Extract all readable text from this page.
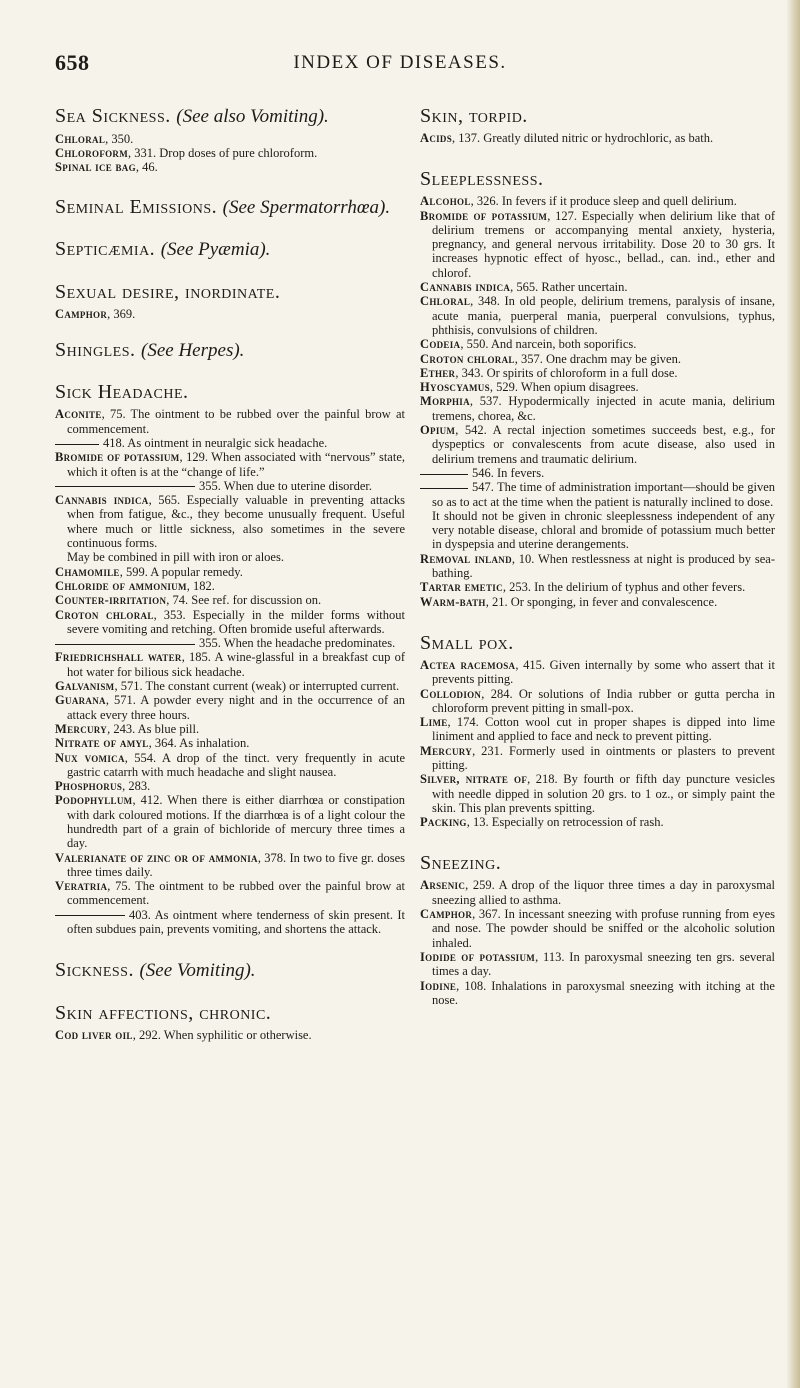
658	INDEX OF DISEASES.
Sea Sickness. (See also Vomiting).
Chloral, 350.
Chloroform, 331. Drop doses of pure chloroform.
Spinal ice bag, 46.
Seminal Emissions. (See Spermatorrhœa).
Septicæmia. (See Pyæmia).
Sexual desire, inordinate.
Camphor, 369.
Shingles. (See Herpes).
Sick Headache.
Aconite, 75. The ointment to be rubbed over the painful brow at commencement.
418. As ointment in neuralgic sick headache.
Bromide of potassium, 129. When associated with “nervous” state, which it often is at the “change of life.”
355. When due to uterine disorder.
Cannabis indica, 565. Especially valuable in preventing attacks when from fatigue, &c., they become unusually frequent. Useful where much or little sickness, also sometimes in the severe continuous forms.
May be combined in pill with iron or aloes.
Chamomile, 599. A popular remedy.
Chloride of ammonium, 182.
Counter-irritation, 74. See ref. for discussion on.
Croton chloral, 353. Especially in the milder forms without severe vomiting and retching. Often bromide useful afterwards.
355. When the headache predominates.
Friedrichshall water, 185. A wine-glassful in a breakfast cup of hot water for bilious sick headache.
Galvanism, 571. The constant current (weak) or interrupted current.
Guarana, 571. A powder every night and in the occurrence of an attack every three hours.
Mercury, 243. As blue pill.
Nitrate of amyl, 364. As inhalation.
Nux vomica, 554. A drop of the tinct. very frequently in acute gastric catarrh with much headache and slight nausea.
Phosphorus, 283.
Podophyllum, 412. When there is either diarrhœa or constipation with dark coloured motions. If the diarrhœa is of a light colour the hundredth part of a grain of bichloride of mercury three times a day.
Valerianate of zinc or of ammonia, 378. In two to five gr. doses three times daily.
Veratria, 75. The ointment to be rubbed over the painful brow at commencement.
403. As ointment where tenderness of skin present. It often subdues pain, prevents vomiting, and shortens the attack.
Sickness. (See Vomiting).
Skin affections, chronic.
Cod liver oil, 292. When syphilitic or otherwise.
Skin, torpid.
Acids, 137. Greatly diluted nitric or hydrochloric, as bath.
Sleeplessness.
Alcohol, 326. In fevers if it produce sleep and quell delirium.
Bromide of potassium, 127. Especially when delirium like that of delirium tremens or accompanying mental anxiety, hysteria, pregnancy, and general nervous irritability. Dose 20 to 30 grs. It increases hypnotic effect of hyosc., bellad., can. ind., ether and chlorof.
Cannabis indica, 565. Rather uncertain.
Chloral, 348. In old people, delirium tremens, paralysis of insane, acute mania, puerperal mania, puerperal convulsions, typhus, phthisis, convulsions of children.
Codeia, 550. And narcein, both soporifics.
Croton chloral, 357. One drachm may be given.
Ether, 343. Or spirits of chloroform in a full dose.
Hyoscyamus, 529. When opium disagrees.
Morphia, 537. Hypodermically injected in acute mania, delirium tremens, chorea, &c.
Opium, 542. A rectal injection sometimes succeeds best, e.g., for dyspeptics or convalescents from acute disease, also used in delirium tremens and traumatic delirium.
546. In fevers.
547. The time of administration important—should be given so as to act at the time when the patient is naturally inclined to dose.
It should not be given in chronic sleeplessness independent of any very notable disease, chloral and bromide of potassium much better in dyspepsia and uterine derangements.
Removal inland, 10. When restlessness at night is produced by sea-bathing.
Tartar emetic, 253. In the delirium of typhus and other fevers.
Warm-bath, 21. Or sponging, in fever and convalescence.
Small pox.
Actea racemosa, 415. Given internally by some who assert that it prevents pitting.
Collodion, 284. Or solutions of India rubber or gutta percha in chloroform prevent pitting in small-pox.
Lime, 174. Cotton wool cut in proper shapes is dipped into lime liniment and applied to face and neck to prevent pitting.
Mercury, 231. Formerly used in ointments or plasters to prevent pitting.
Silver, nitrate of, 218. By fourth or fifth day puncture vesicles with needle dipped in solution 20 grs. to 1 oz., or simply paint the skin. This plan prevents spitting.
Packing, 13. Especially on retrocession of rash.
Sneezing.
Arsenic, 259. A drop of the liquor three times a day in paroxysmal sneezing allied to asthma.
Camphor, 367. In incessant sneezing with profuse running from eyes and nose. The powder should be sniffed or the alcoholic solution inhaled.
Iodide of potassium, 113. In paroxysmal sneezing ten grs. several times a day.
Iodine, 108. Inhalations in paroxysmal sneezing with itching at the nose.
